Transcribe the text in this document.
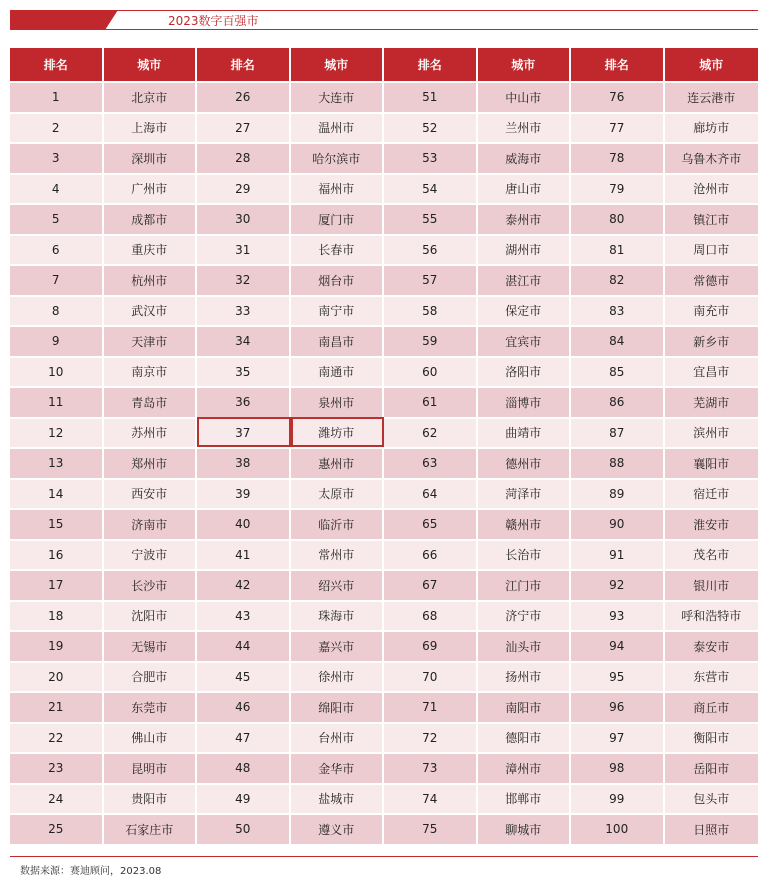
2023数字百强市
排名	城市	排名	城市	排名	城市	排名	城市
1	北京市	26	大连市	51	中山市	76	连云港市
2	上海市	27	温州市	52	兰州市	77	廊坊市
3	深圳市	28	哈尔滨市	53	威海市	78	乌鲁木齐市
4	广州市	29	福州市	54	唐山市	79	沧州市
5	成都市	30	厦门市	55	泰州市	80	镇江市
6	重庆市	31	长春市	56	湖州市	81	周口市
7	杭州市	32	烟台市	57	湛江市	82	常德市
8	武汉市	33	南宁市	58	保定市	83	南充市
9	天津市	34	南昌市	59	宜宾市	84	新乡市
10	南京市	35	南通市	60	洛阳市	85	宜昌市
11	青岛市	36	泉州市	61	淄博市	86	芜湖市
12	苏州市	37	潍坊市	62	曲靖市	87	滨州市
13	郑州市	38	惠州市	63	德州市	88	襄阳市
14	西安市	39	太原市	64	菏泽市	89	宿迁市
15	济南市	40	临沂市	65	赣州市	90	淮安市
16	宁波市	41	常州市	66	长治市	91	茂名市
17	长沙市	42	绍兴市	67	江门市	92	银川市
18	沈阳市	43	珠海市	68	济宁市	93	呼和浩特市
19	无锡市	44	嘉兴市	69	汕头市	94	泰安市
20	合肥市	45	徐州市	70	扬州市	95	东营市
21	东莞市	46	绵阳市	71	南阳市	96	商丘市
22	佛山市	47	台州市	72	德阳市	97	衡阳市
23	昆明市	48	金华市	73	漳州市	98	岳阳市
24	贵阳市	49	盐城市	74	邯郸市	99	包头市
25	石家庄市	50	遵义市	75	聊城市	100	日照市
数据来源：赛迪顾问，2023.08
